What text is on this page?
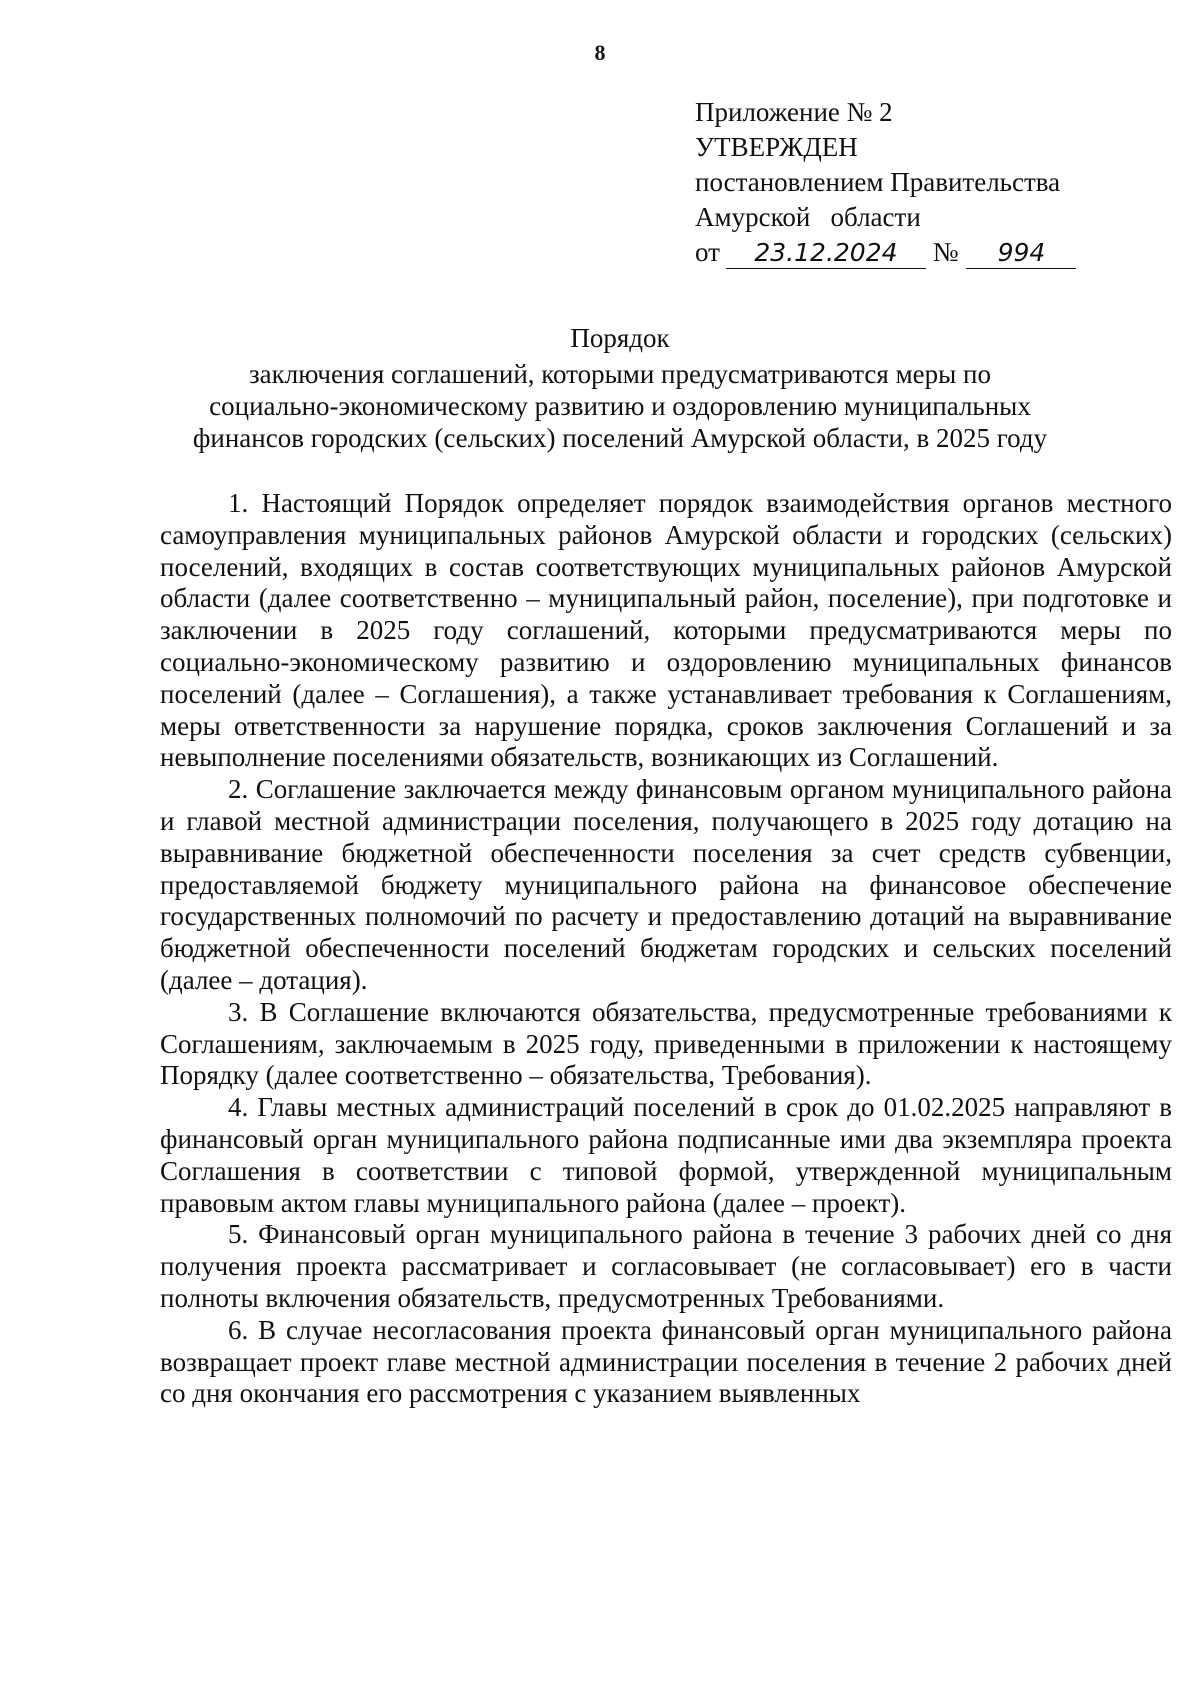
8
Приложение № 2
УТВЕРЖДЕН
постановлением Правительства
Амурской   области
от 23.12.2024 № 994
Порядок
заключения соглашений, которыми предусматриваются меры по
социально-экономическому развитию и оздоровлению муниципальных
финансов городских (сельских) поселений Амурской области, в 2025 году

1. Настоящий Порядок определяет порядок взаимодействия органов местного самоуправления муниципальных районов Амурской области и городских (сельских) поселений, входящих в состав соответствующих муниципальных районов Амурской области (далее соответственно – муниципальный район, поселение), при подготовке и заключении в 2025 году соглашений, которыми предусматриваются меры по социально-экономическому развитию и оздоровлению муниципальных финансов поселений (далее – Соглашения), а также устанавливает требования к Соглашениям, меры ответственности за нарушение порядка, сроков заключения Соглашений и за невыполнение поселениями обязательств, возникающих из Соглашений.

2. Соглашение заключается между финансовым органом муниципального района и главой местной администрации поселения, получающего в 2025 году дотацию на выравнивание бюджетной обеспеченности поселения за счет средств субвенции, предоставляемой бюджету муниципального района на финансовое обеспечение государственных полномочий по расчету и предоставлению дотаций на выравнивание бюджетной обеспеченности поселений бюджетам городских и сельских поселений (далее – дотация).

3. В Соглашение включаются обязательства, предусмотренные требованиями к Соглашениям, заключаемым в 2025 году, приведенными в приложении к настоящему Порядку (далее соответственно – обязательства, Требования).

4. Главы местных администраций поселений в срок до 01.02.2025 направляют в финансовый орган муниципального района подписанные ими два экземпляра проекта Соглашения в соответствии с типовой формой, утвержденной муниципальным правовым актом главы муниципального района (далее – проект).

5. Финансовый орган муниципального района в течение 3 рабочих дней со дня получения проекта рассматривает и согласовывает (не согласовывает) его в части полноты включения обязательств, предусмотренных Требованиями.

6. В случае несогласования проекта финансовый орган муниципального района возвращает проект главе местной администрации поселения в течение 2 рабочих дней со дня окончания его рассмотрения с указанием выявленных
